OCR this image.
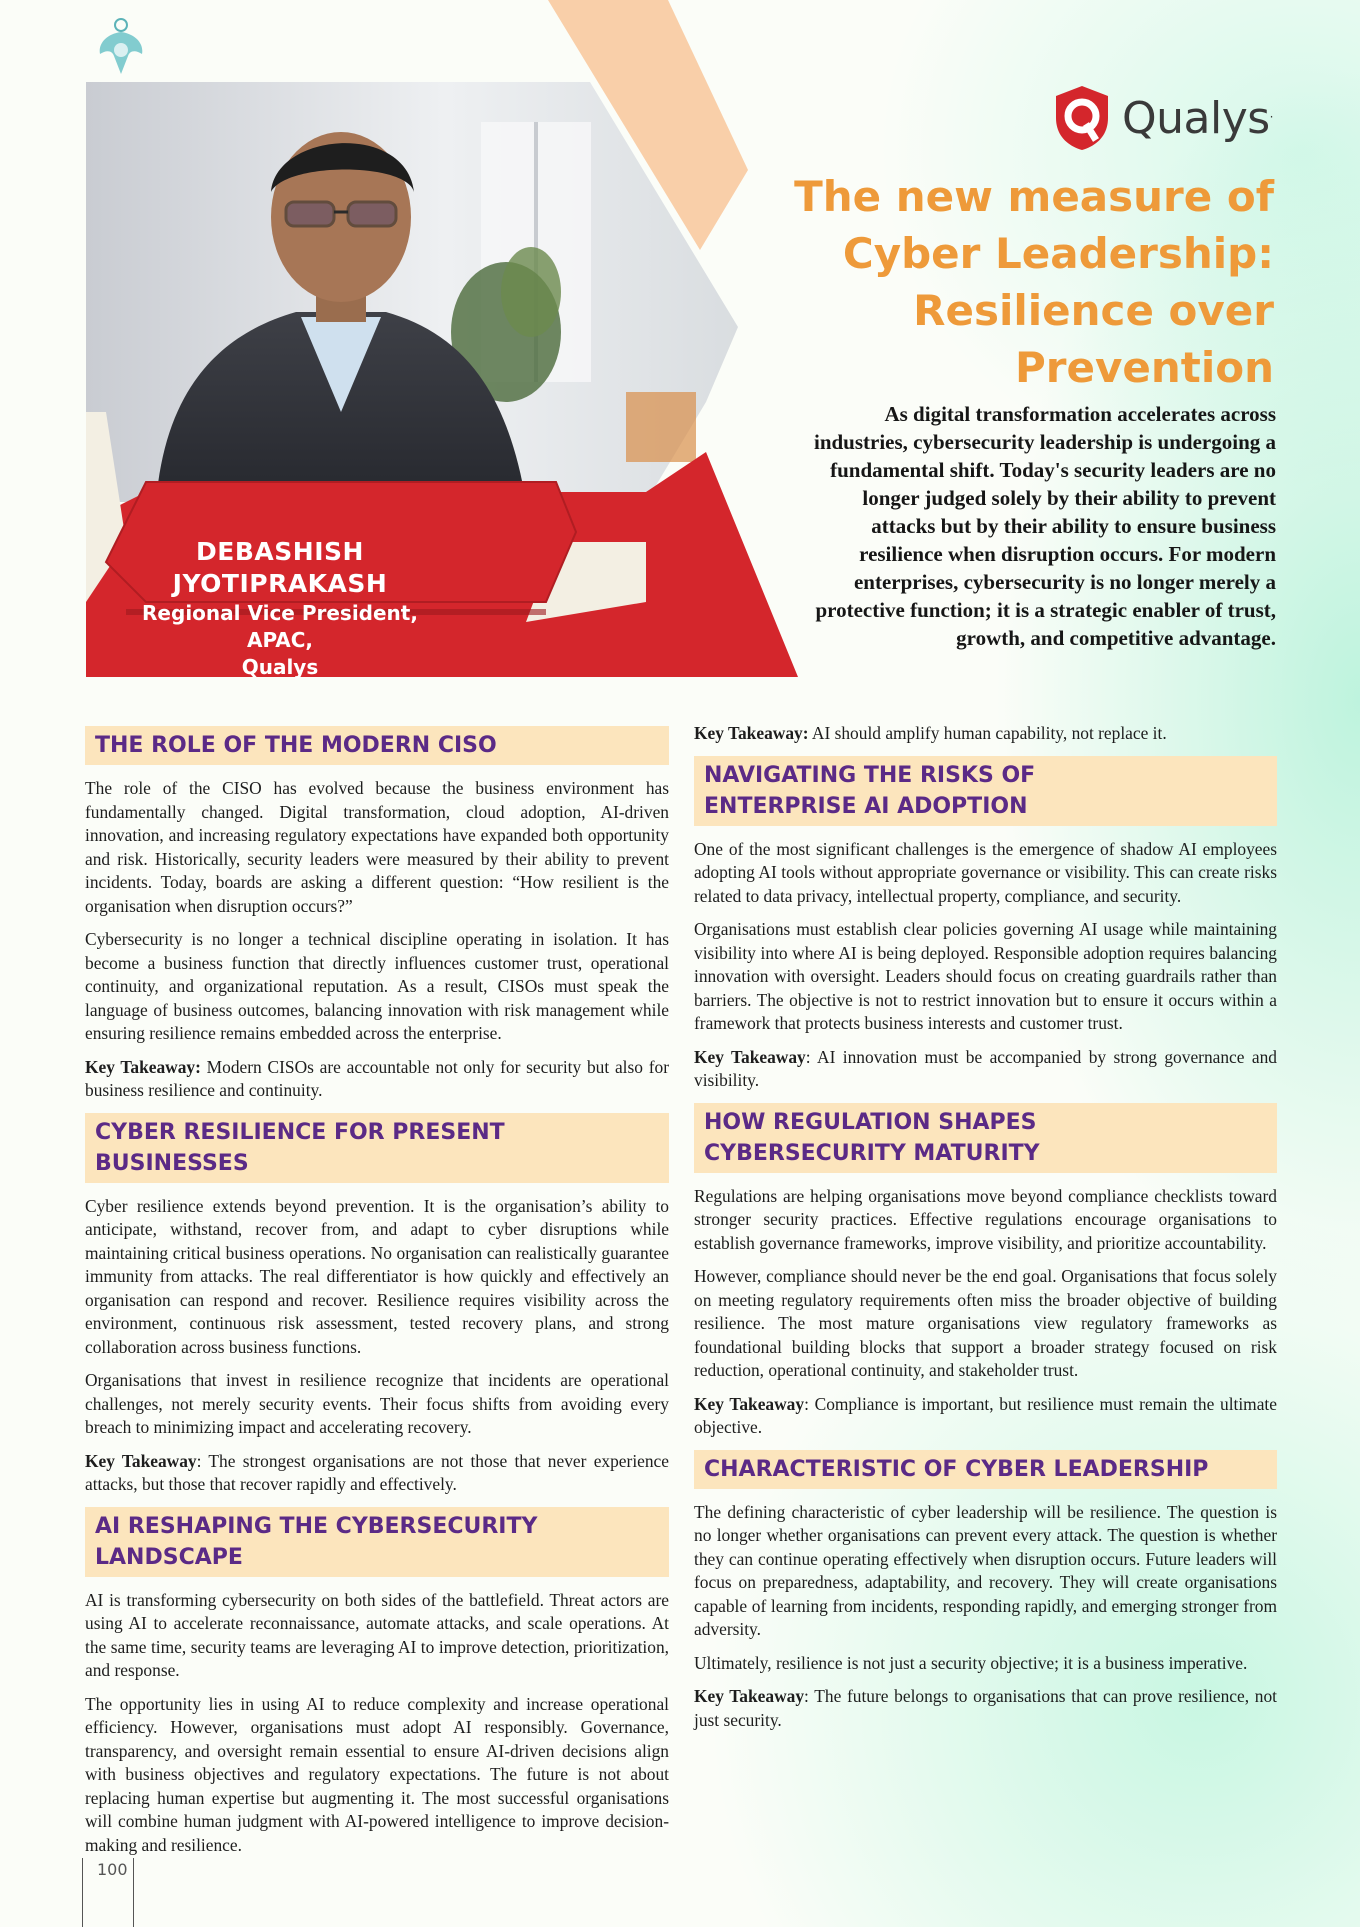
DEBASHISH JYOTIPRAKASH
Regional Vice President, APAC,
Qualys
Qualys.
The new measure of
Cyber Leadership:
Resilience over
Prevention

As digital transformation accelerates across industries, cybersecurity leadership is undergoing a fundamental shift. Today's security leaders are no longer judged solely by their ability to prevent attacks but by their ability to ensure business resilience when disruption occurs. For modern enterprises, cybersecurity is no longer merely a protective function; it is a strategic enabler of trust, growth, and competitive advantage.

THE ROLE OF THE MODERN CISO

The role of the CISO has evolved because the business environment has fundamentally changed. Digital transformation, cloud adoption, AI-driven innovation, and increasing regulatory expectations have expanded both opportunity and risk. Historically, security leaders were measured by their ability to prevent incidents. Today, boards are asking a different question: “How resilient is the organisation when disruption occurs?”

Cybersecurity is no longer a technical discipline operating in isolation. It has become a business function that directly influences customer trust, operational continuity, and organizational reputation. As a result, CISOs must speak the language of business outcomes, balancing innovation with risk management while ensuring resilience remains embedded across the enterprise.

Key Takeaway: Modern CISOs are accountable not only for security but also for business resilience and continuity.

CYBER RESILIENCE FOR PRESENT BUSINESSES

Cyber resilience extends beyond prevention. It is the organisation’s ability to anticipate, withstand, recover from, and adapt to cyber disruptions while maintaining critical business operations. No organisation can realistically guarantee immunity from attacks. The real differentiator is how quickly and effectively an organisation can respond and recover. Resilience requires visibility across the environment, continuous risk assessment, tested recovery plans, and strong collaboration across business functions.

Organisations that invest in resilience recognize that incidents are operational challenges, not merely security events. Their focus shifts from avoiding every breach to minimizing impact and accelerating recovery.

Key Takeaway: The strongest organisations are not those that never experience attacks, but those that recover rapidly and effectively.

AI RESHAPING THE CYBERSECURITY LANDSCAPE

AI is transforming cybersecurity on both sides of the battlefield. Threat actors are using AI to accelerate reconnaissance, automate attacks, and scale operations. At the same time, security teams are leveraging AI to improve detection, prioritization, and response.

The opportunity lies in using AI to reduce complexity and increase operational efficiency. However, organisations must adopt AI responsibly. Governance, transparency, and oversight remain essential to ensure AI-driven decisions align with business objectives and regulatory expectations. The future is not about replacing human expertise but augmenting it. The most successful organisations will combine human judgment with AI-powered intelligence to improve decision-making and resilience.

Key Takeaway: AI should amplify human capability, not replace it.

NAVIGATING THE RISKS OF
ENTERPRISE AI ADOPTION

One of the most significant challenges is the emergence of shadow AI employees adopting AI tools without appropriate governance or visibility. This can create risks related to data privacy, intellectual property, compliance, and security.

Organisations must establish clear policies governing AI usage while maintaining visibility into where AI is being deployed. Responsible adoption requires balancing innovation with oversight. Leaders should focus on creating guardrails rather than barriers. The objective is not to restrict innovation but to ensure it occurs within a framework that protects business interests and customer trust.

Key Takeaway: AI innovation must be accompanied by strong governance and visibility.

HOW REGULATION SHAPES
CYBERSECURITY MATURITY

Regulations are helping organisations move beyond compliance checklists toward stronger security practices. Effective regulations encourage organisations to establish governance frameworks, improve visibility, and prioritize accountability.

However, compliance should never be the end goal. Organisations that focus solely on meeting regulatory requirements often miss the broader objective of building resilience. The most mature organisations view regulatory frameworks as foundational building blocks that support a broader strategy focused on risk reduction, operational continuity, and stakeholder trust.

Key Takeaway: Compliance is important, but resilience must remain the ultimate objective.

CHARACTERISTIC OF CYBER LEADERSHIP

The defining characteristic of cyber leadership will be resilience. The question is no longer whether organisations can prevent every attack. The question is whether they can continue operating effectively when disruption occurs. Future leaders will focus on preparedness, adaptability, and recovery. They will create organisations capable of learning from incidents, responding rapidly, and emerging stronger from adversity.

Ultimately, resilience is not just a security objective; it is a business imperative.

Key Takeaway: The future belongs to organisations that can prove resilience, not just security.

100
